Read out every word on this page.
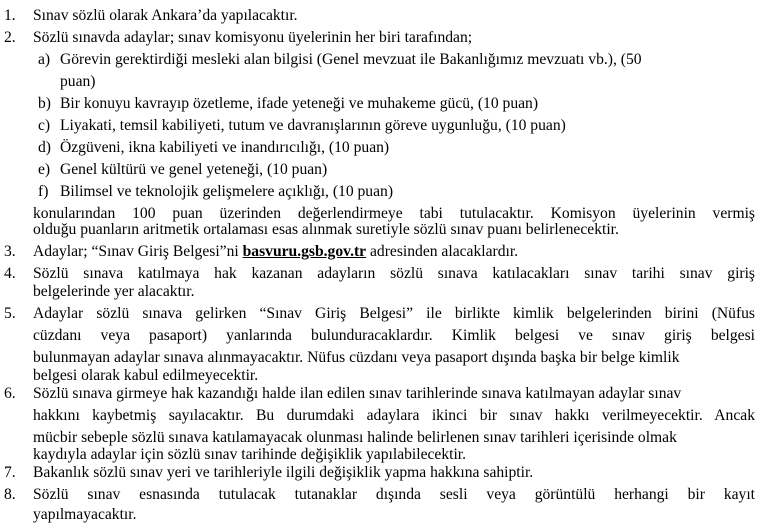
1. Sınav sözlü olarak Ankara’da yapılacaktır.
2. Sözlü sınavda adaylar; sınav komisyonu üyelerinin her biri tarafından;
a) Görevin gerektirdiği mesleki alan bilgisi (Genel mevzuat ile Bakanlığımız mevzuatı vb.), (50
puan)
b) Bir konuyu kavrayıp özetleme, ifade yeteneği ve muhakeme gücü, (10 puan)
c) Liyakati, temsil kabiliyeti, tutum ve davranışlarının göreve uygunluğu, (10 puan)
d) Özgüveni, ikna kabiliyeti ve inandırıcılığı, (10 puan)
e) Genel kültürü ve genel yeteneği, (10 puan)
f) Bilimsel ve teknolojik gelişmelere açıklığı, (10 puan)
konularından 100 puan üzerinden değerlendirmeye tabi tutulacaktır. Komisyon üyelerinin vermiş
olduğu puanların aritmetik ortalaması esas alınmak suretiyle sözlü sınav puanı belirlenecektir.
3. Adaylar; “Sınav Giriş Belgesi”ni basvuru.gsb.gov.tr adresinden alacaklardır.
4. Sözlü sınava katılmaya hak kazanan adayların sözlü sınava katılacakları sınav tarihi sınav giriş
belgelerinde yer alacaktır.
5. Adaylar sözlü sınava gelirken “Sınav Giriş Belgesi” ile birlikte kimlik belgelerinden birini (Nüfus
cüzdanı veya pasaport) yanlarında bulunduracaklardır. Kimlik belgesi ve sınav giriş belgesi
bulunmayan adaylar sınava alınmayacaktır. Nüfus cüzdanı veya pasaport dışında başka bir belge kimlik
belgesi olarak kabul edilmeyecektir.
6. Sözlü sınava girmeye hak kazandığı halde ilan edilen sınav tarihlerinde sınava katılmayan adaylar sınav
hakkını kaybetmiş sayılacaktır. Bu durumdaki adaylara ikinci bir sınav hakkı verilmeyecektir. Ancak
mücbir sebeple sözlü sınava katılamayacak olunması halinde belirlenen sınav tarihleri içerisinde olmak
kaydıyla adaylar için sözlü sınav tarihinde değişiklik yapılabilecektir.
7. Bakanlık sözlü sınav yeri ve tarihleriyle ilgili değişiklik yapma hakkına sahiptir.
8. Sözlü sınav esnasında tutulacak tutanaklar dışında sesli veya görüntülü herhangi bir kayıt
yapılmayacaktır.
